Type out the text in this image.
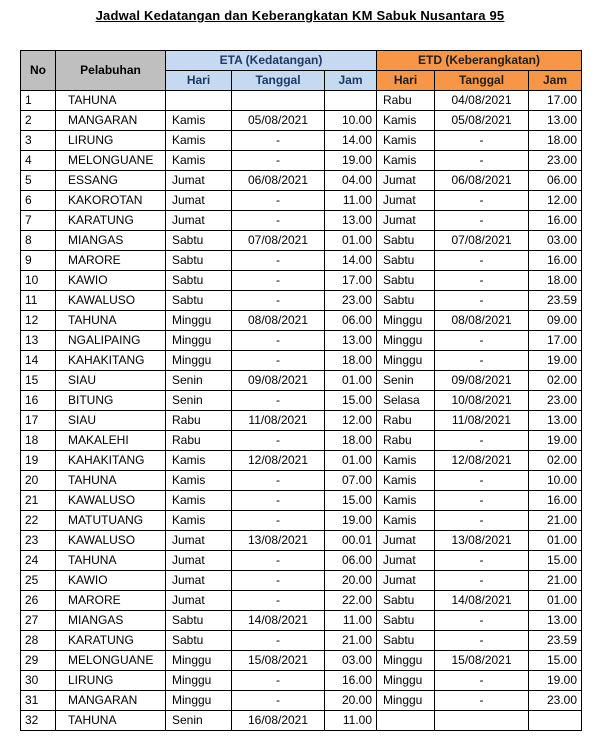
Jadwal Kedatangan dan Keberangkatan KM Sabuk Nusantara 95
No	Pelabuhan	ETA (Kedatangan)			ETD (Keberangkatan)		
		Hari	Tanggal	Jam	Hari	Tanggal	Jam
1	TAHUNA				Rabu	04/08/2021	17.00
2	MANGARAN	Kamis	05/08/2021	10.00	Kamis	05/08/2021	13.00
3	LIRUNG	Kamis	-	14.00	Kamis	-	18.00
4	MELONGUANE	Kamis	-	19.00	Kamis	-	23.00
5	ESSANG	Jumat	06/08/2021	04.00	Jumat	06/08/2021	06.00
6	KAKOROTAN	Jumat	-	11.00	Jumat	-	12.00
7	KARATUNG	Jumat	-	13.00	Jumat	-	16.00
8	MIANGAS	Sabtu	07/08/2021	01.00	Sabtu	07/08/2021	03.00
9	MARORE	Sabtu	-	14.00	Sabtu	-	16.00
10	KAWIO	Sabtu	-	17.00	Sabtu	-	18.00
11	KAWALUSO	Sabtu	-	23.00	Sabtu	-	23.59
12	TAHUNA	Minggu	08/08/2021	06.00	Minggu	08/08/2021	09.00
13	NGALIPAING	Minggu	-	13.00	Minggu	-	17.00
14	KAHAKITANG	Minggu	-	18.00	Minggu	-	19.00
15	SIAU	Senin	09/08/2021	01.00	Senin	09/08/2021	02.00
16	BITUNG	Senin	-	15.00	Selasa	10/08/2021	23.00
17	SIAU	Rabu	11/08/2021	12.00	Rabu	11/08/2021	13.00
18	MAKALEHI	Rabu	-	18.00	Rabu	-	19.00
19	KAHAKITANG	Kamis	12/08/2021	01.00	Kamis	12/08/2021	02.00
20	TAHUNA	Kamis	-	07.00	Kamis	-	10.00
21	KAWALUSO	Kamis	-	15.00	Kamis	-	16.00
22	MATUTUANG	Kamis	-	19.00	Kamis	-	21.00
23	KAWALUSO	Jumat	13/08/2021	00.01	Jumat	13/08/2021	01.00
24	TAHUNA	Jumat	-	06.00	Jumat	-	15.00
25	KAWIO	Jumat	-	20.00	Jumat	-	21.00
26	MARORE	Jumat	-	22.00	Sabtu	14/08/2021	01.00
27	MIANGAS	Sabtu	14/08/2021	11.00	Sabtu	-	13.00
28	KARATUNG	Sabtu	-	21.00	Sabtu	-	23.59
29	MELONGUANE	Minggu	15/08/2021	03.00	Minggu	15/08/2021	15.00
30	LIRUNG	Minggu	-	16.00	Minggu	-	19.00
31	MANGARAN	Minggu	-	20.00	Minggu	-	23.00
32	TAHUNA	Senin	16/08/2021	11.00			
